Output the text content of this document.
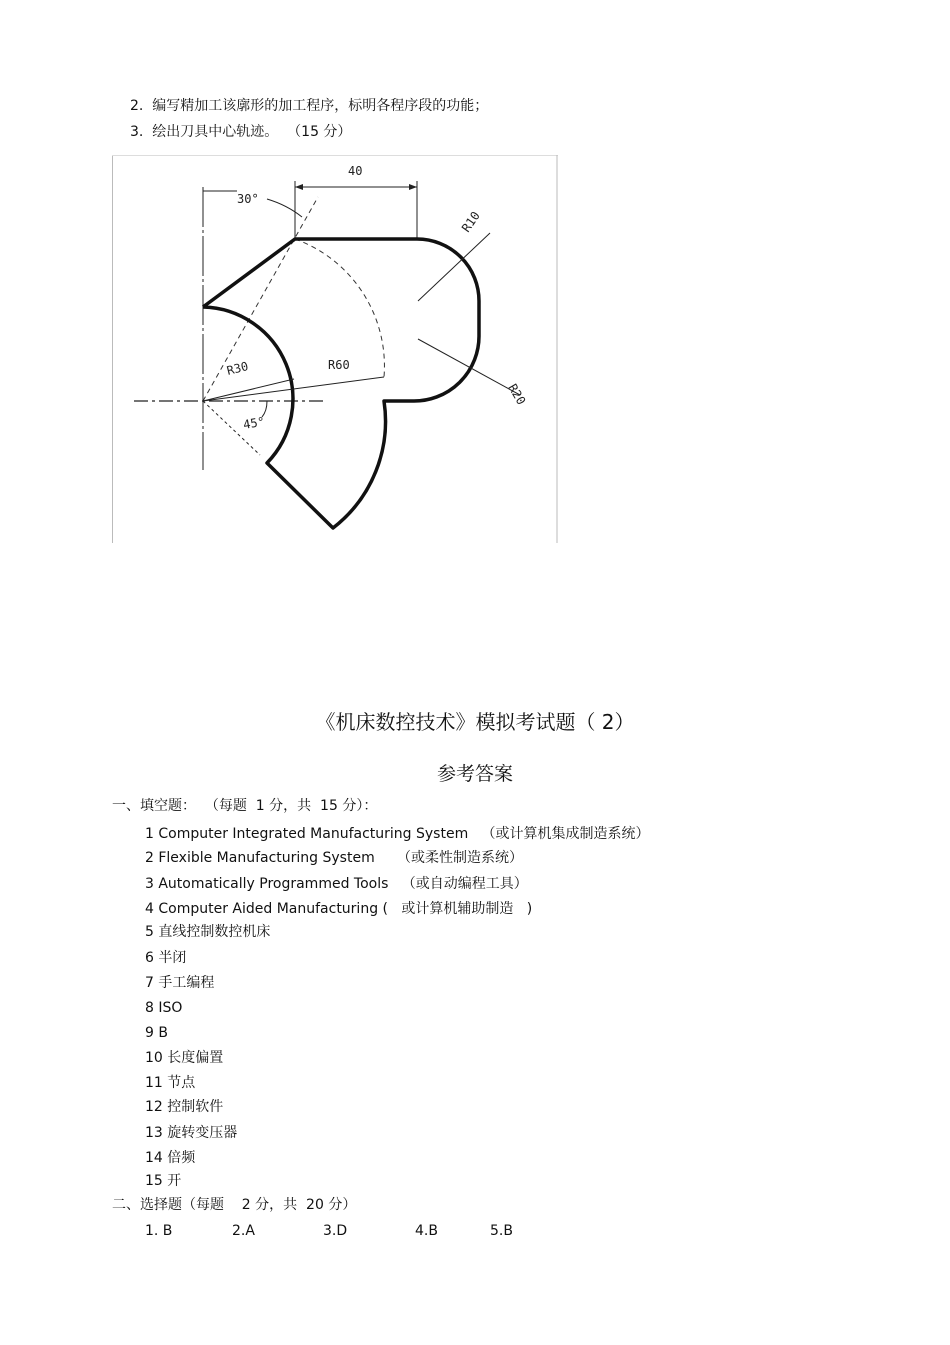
2.  编写精加工该廓形的加工程序，标明各程序段的功能；
3.  绘出刀具中心轨迹。  （15 分）
40
30°
R10
R20
R30	R60
45°
《机床数控技术》模拟考试题（ 2）
参考答案
一、填空题：  （每题  1 分，共  15 分）：
1 Computer Integrated Manufacturing System   （或计算机集成制造系统）
2 Flexible Manufacturing System     （或柔性制造系统）
3 Automatically Programmed Tools   （或自动编程工具）
4 Computer Aided Manufacturing (   或计算机辅助制造   )
5 直线控制数控机床
6 半闭
7 手工编程
8 ISO
9 B
10 长度偏置
11 节点
12 控制软件
13 旋转变压器
14 倍频
15 开
二、选择题（每题    2 分，共  20 分）
1. B	2.A	3.D	4.B	5.B
